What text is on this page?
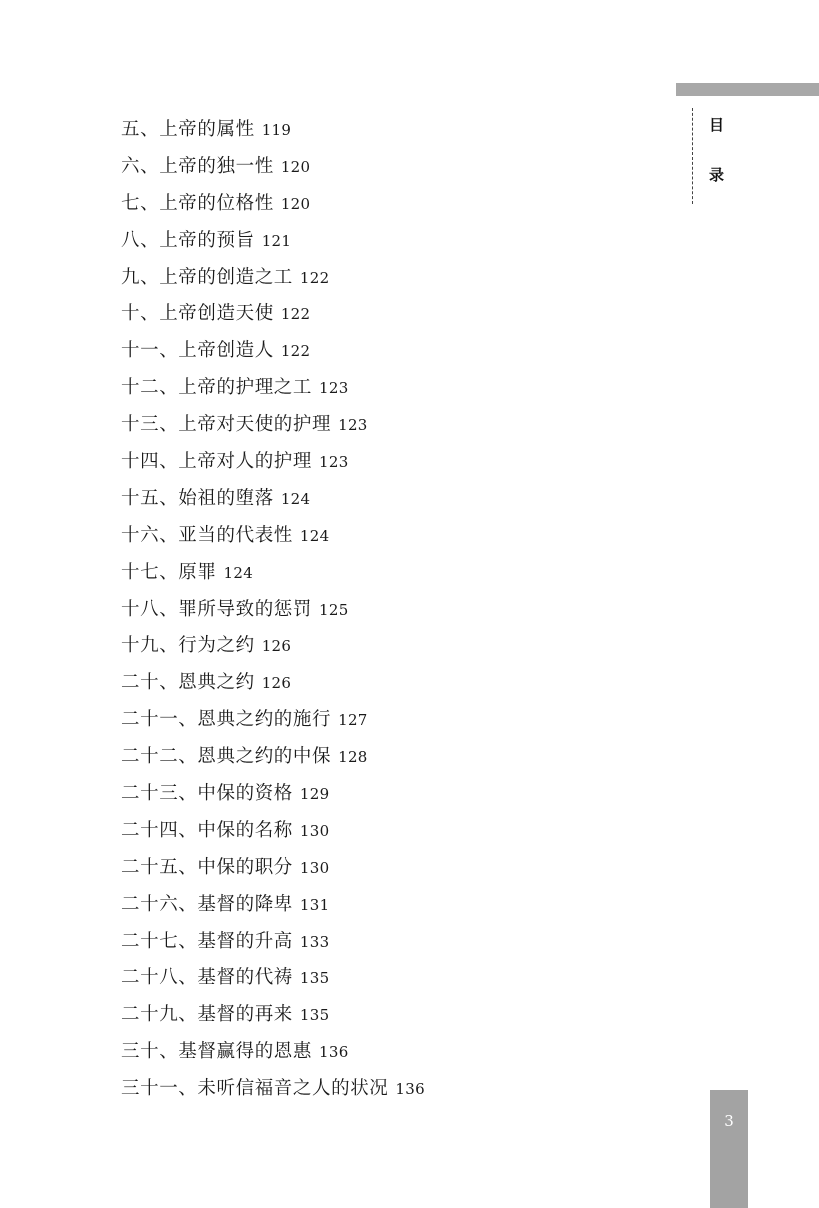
目
录
五、上帝的属性 119
六、上帝的独一性 120
七、上帝的位格性 120
八、上帝的预旨 121
九、上帝的创造之工 122
十、上帝创造天使 122
十一、上帝创造人 122
十二、上帝的护理之工 123
十三、上帝对天使的护理 123
十四、上帝对人的护理 123
十五、始祖的堕落 124
十六、亚当的代表性 124
十七、原罪 124
十八、罪所导致的惩罚 125
十九、行为之约 126
二十、恩典之约 126
二十一、恩典之约的施行 127
二十二、恩典之约的中保 128
二十三、中保的资格 129
二十四、中保的名称 130
二十五、中保的职分 130
二十六、基督的降卑 131
二十七、基督的升高 133
二十八、基督的代祷 135
二十九、基督的再来 135
三十、基督赢得的恩惠 136
三十一、未听信福音之人的状况 136
3
